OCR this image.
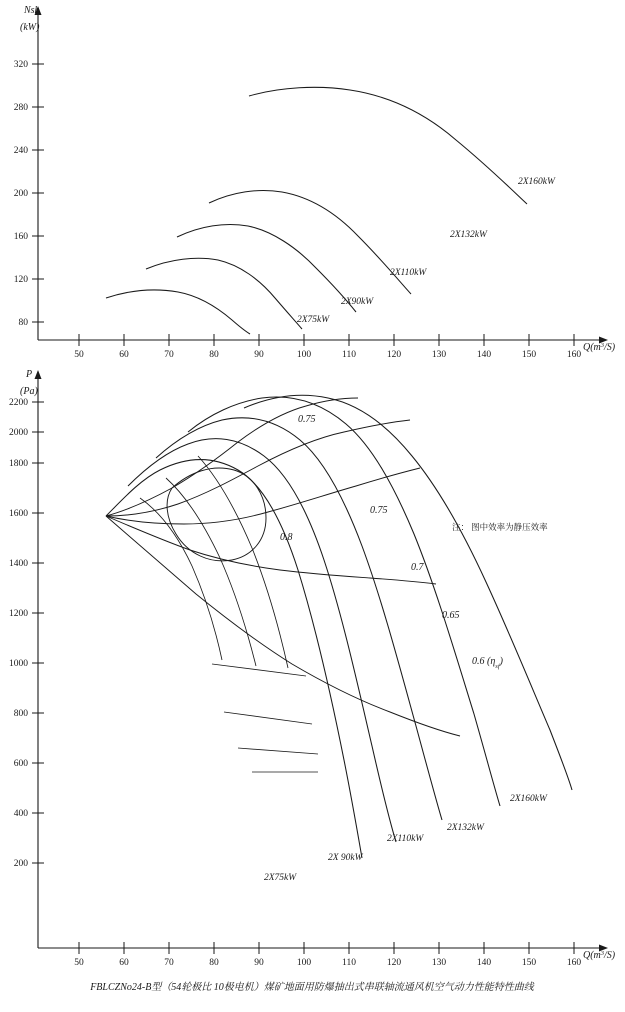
80
120
160
200
240
280
320
50	60	70	80	90	100	110	120	130	140	150	160
Nsh
(kW)
$Q(m^3/S)$
2X75kW
2X90kW
2X110kW
2X132kW
2X160kW
200
400
600
800
1000
1200
1400
1600
1800
2000
2200
50	60	70	80	90	100	110	120	130	140	150	160
P
(Pa)
$Q(m^3/S)$
0.75
0.75
0.8
0.7
0.65
0.6 $(\eta_{sf})$
注： 图中效率为静压效率
2X75kW
2X 90kW
2X110kW
2X132kW
2X160kW
FBLCZNo24-B型（54轮极比 10极电机）煤矿地面用防爆抽出式串联轴流通风机空气动力性能特性曲线
